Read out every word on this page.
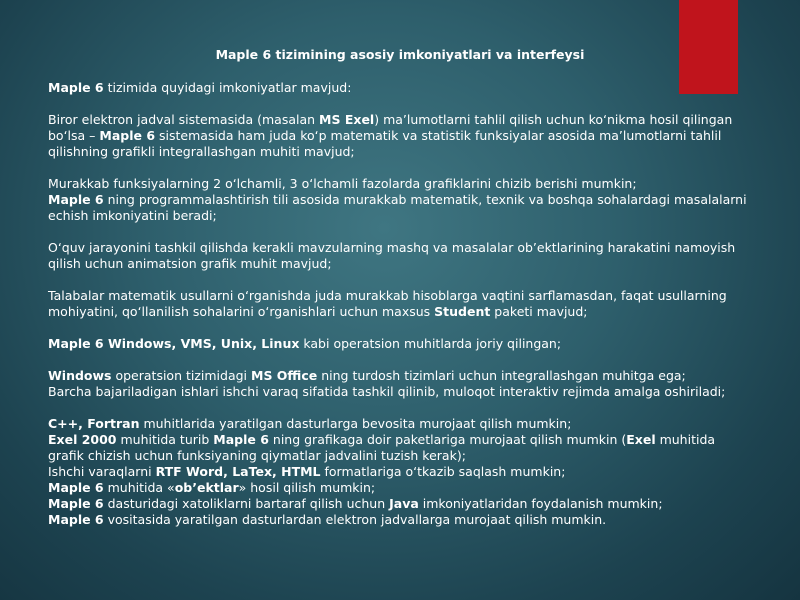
Maple 6 tizimining asosiy imkoniyatlari va interfeysi

Maple 6 tizimida quyidagi imkoniyatlar mavjud:

Biror elektron jadval sistemasida (masalan MS Exel) ma’lumotlarni tahlil qilish uchun ko‘nikma hosil qilingan bo‘lsa – Maple 6 sistemasida ham juda ko‘p matematik va statistik funksiyalar asosida ma’lumotlarni tahlil qilishning grafikli integrallashgan muhiti mavjud;

Murakkab funksiyalarning 2 o‘lchamli, 3 o‘lchamli fazolarda grafiklarini chizib berishi mumkin;

Maple 6 ning programmalashtirish tili asosida murakkab matematik, texnik va boshqa sohalardagi masalalarni echish imkoniyatini beradi;

O‘quv jarayonini tashkil qilishda kerakli mavzularning mashq va masalalar ob’ektlarining harakatini namoyish qilish uchun animatsion grafik muhit mavjud;

Talabalar matematik usullarni o‘rganishda juda murakkab hisoblarga vaqtini sarflamasdan, faqat usullarning mohiyatini, qo‘llanilish sohalarini o‘rganishlari uchun maxsus Student paketi mavjud;

Maple 6 Windows, VMS, Unix, Linux kabi operatsion muhitlarda joriy qilingan;

Windows operatsion tizimidagi MS Office ning turdosh tizimlari uchun integrallashgan muhitga ega;

Barcha bajariladigan ishlari ishchi varaq sifatida tashkil qilinib, muloqot interaktiv rejimda amalga oshiriladi;

C++, Fortran muhitlarida yaratilgan dasturlarga bevosita murojaat qilish mumkin;

Exel 2000 muhitida turib Maple 6 ning grafikaga doir paketlariga murojaat qilish mumkin (Exel muhitida grafik chizish uchun funksiyaning qiymatlar jadvalini tuzish kerak);

Ishchi varaqlarni RTF Word, LaTex, HTML formatlariga o‘tkazib saqlash mumkin;

Maple 6 muhitida «ob’ektlar» hosil qilish mumkin;

Maple 6 dasturidagi xatoliklarni bartaraf qilish uchun Java imkoniyatlaridan foydalanish mumkin;

Maple 6 vositasida yaratilgan dasturlardan elektron jadvallarga murojaat qilish mumkin.
